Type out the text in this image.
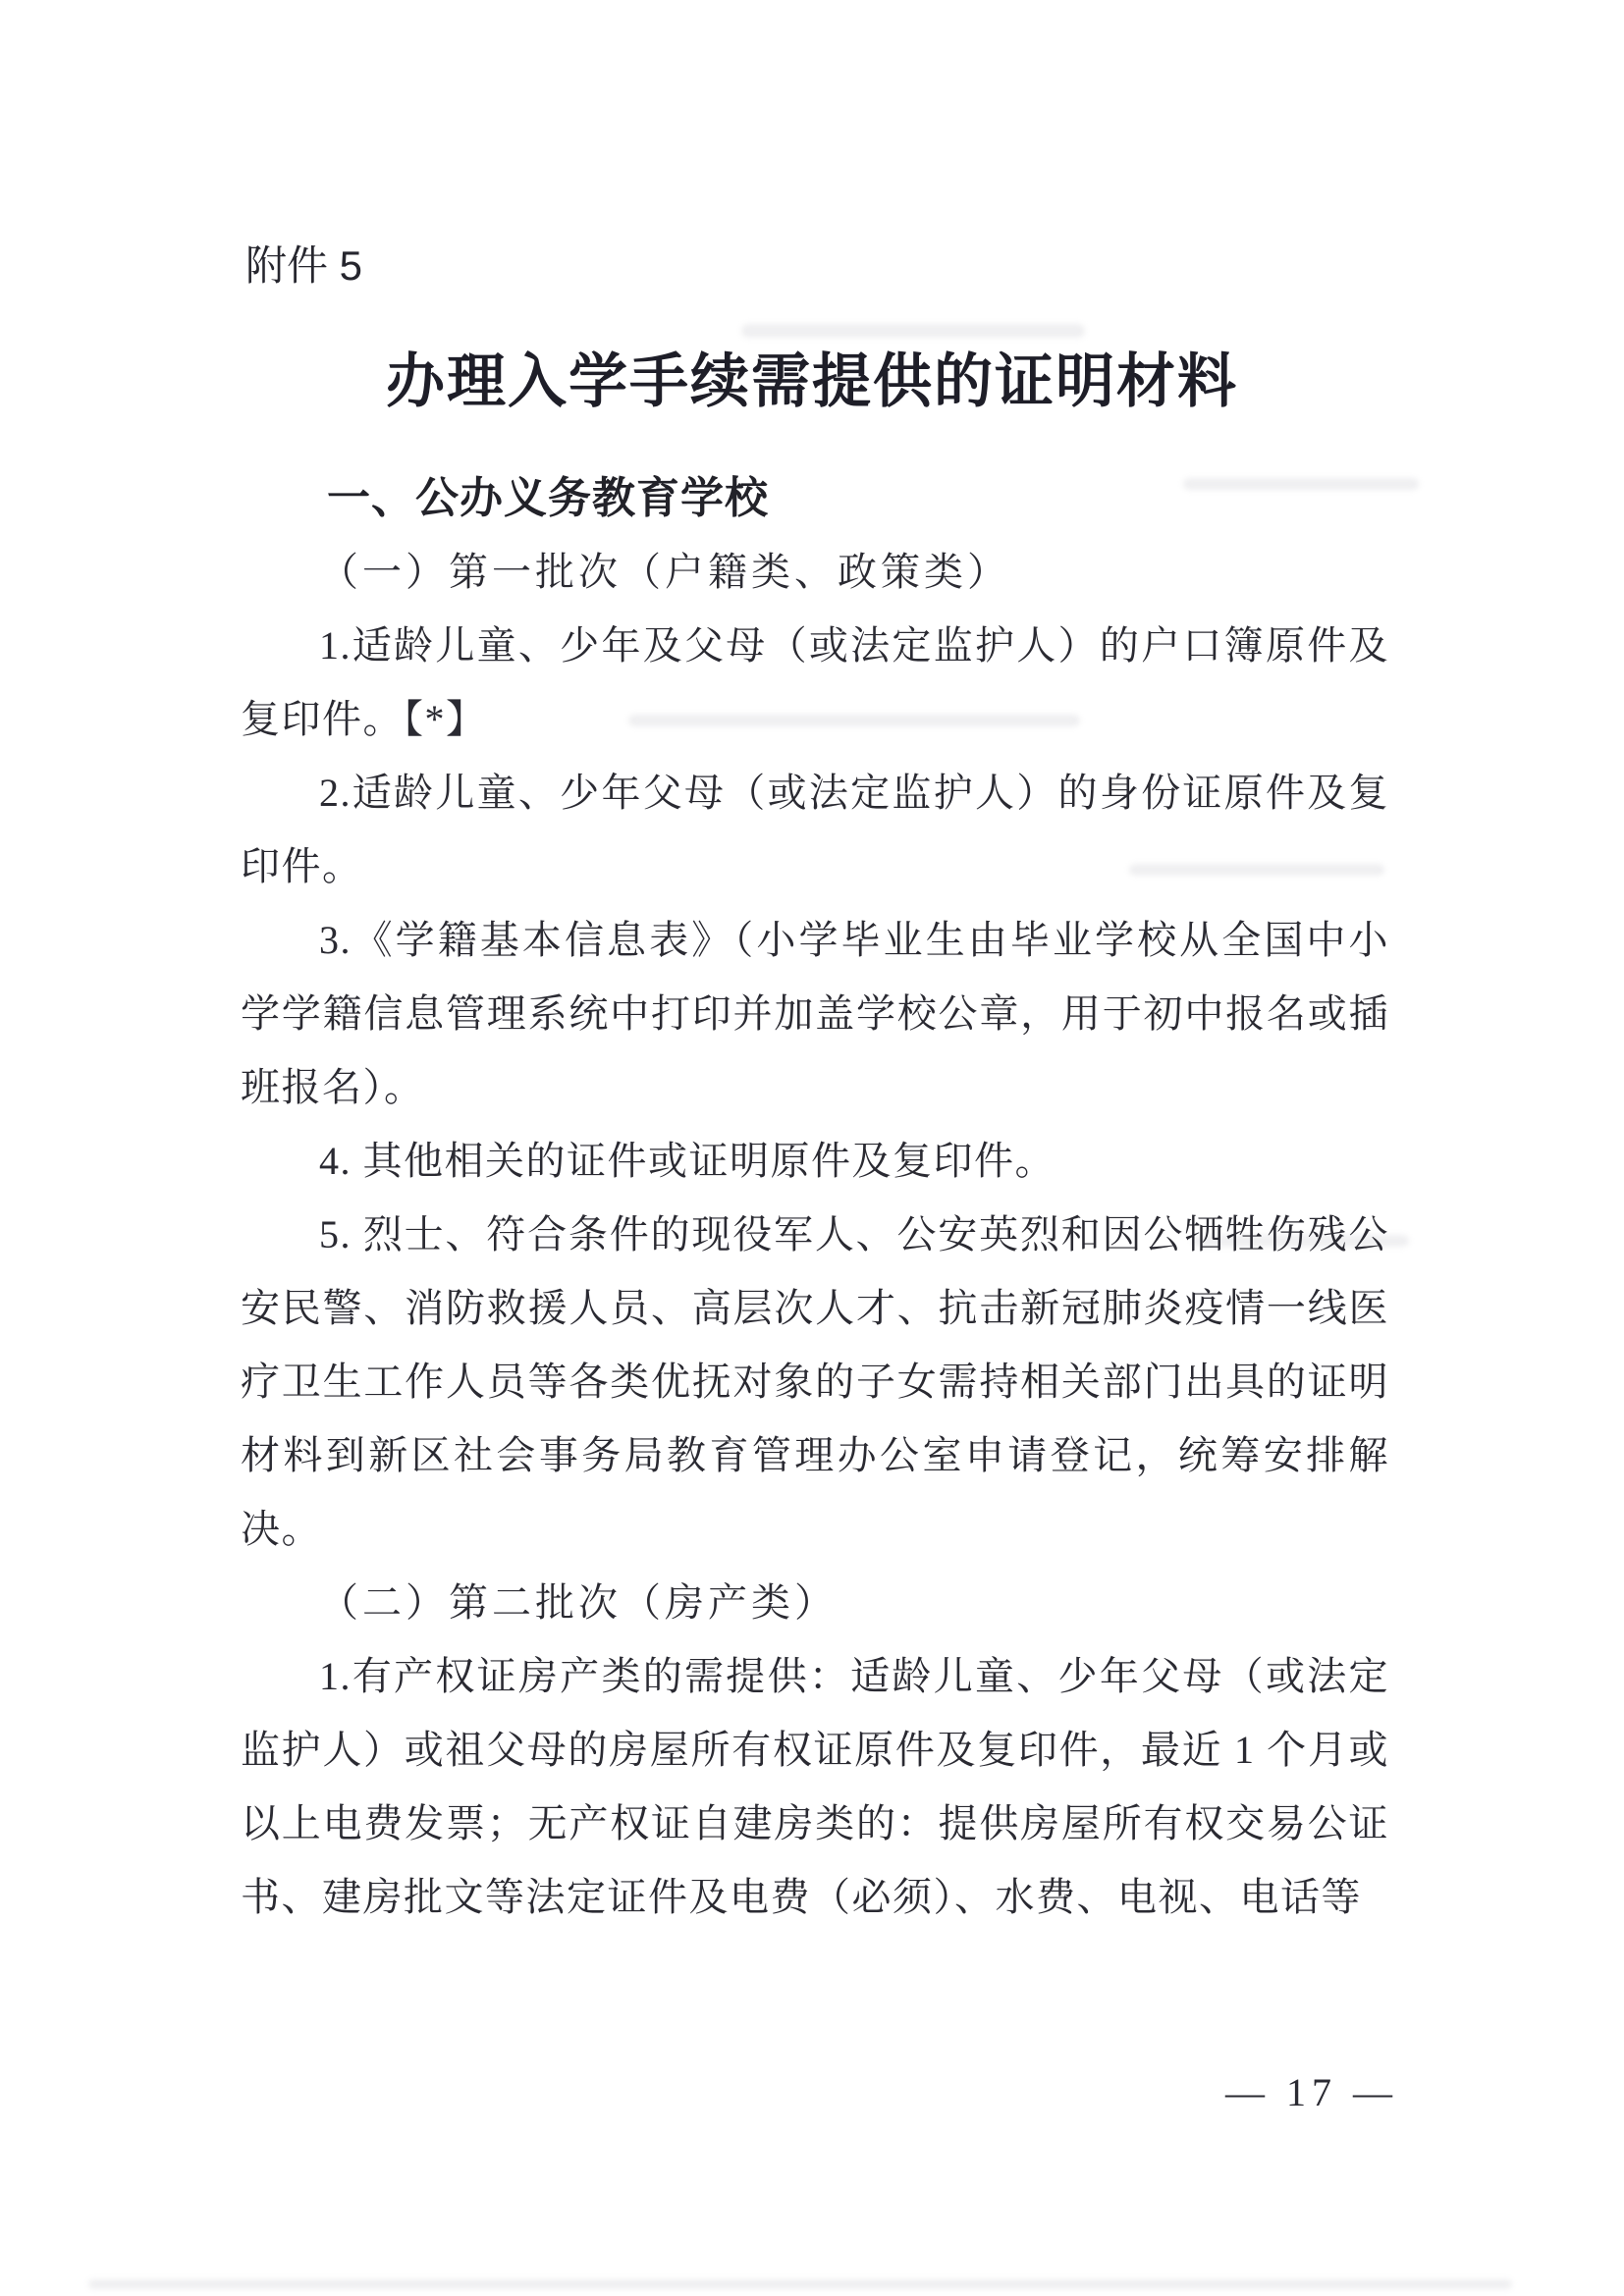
附件 5
办理入学手续需提供的证明材料
一、公办义务教育学校
（一）第一批次（户籍类、政策类）

1.适龄儿童、少年及父母（或法定监护人）的户口簿原件及复印件。【*】

2.适龄儿童、少年父母（或法定监护人）的身份证原件及复印件。

3.《学籍基本信息表》（小学毕业生由毕业学校从全国中小学学籍信息管理系统中打印并加盖学校公章，用于初中报名或插班报名）。

4. 其他相关的证件或证明原件及复印件。

5. 烈士、符合条件的现役军人、公安英烈和因公牺牲伤残公安民警、消防救援人员、高层次人才、抗击新冠肺炎疫情一线医疗卫生工作人员等各类优抚对象的子女需持相关部门出具的证明材料到新区社会事务局教育管理办公室申请登记，统筹安排解决。

（二）第二批次（房产类）

1.有产权证房产类的需提供：适龄儿童、少年父母（或法定监护人）或祖父母的房屋所有权证原件及复印件，最近 1 个月或以上电费发票；无产权证自建房类的：提供房屋所有权交易公证书、建房批文等法定证件及电费（必须）、水费、电视、电话等

— 17 —
